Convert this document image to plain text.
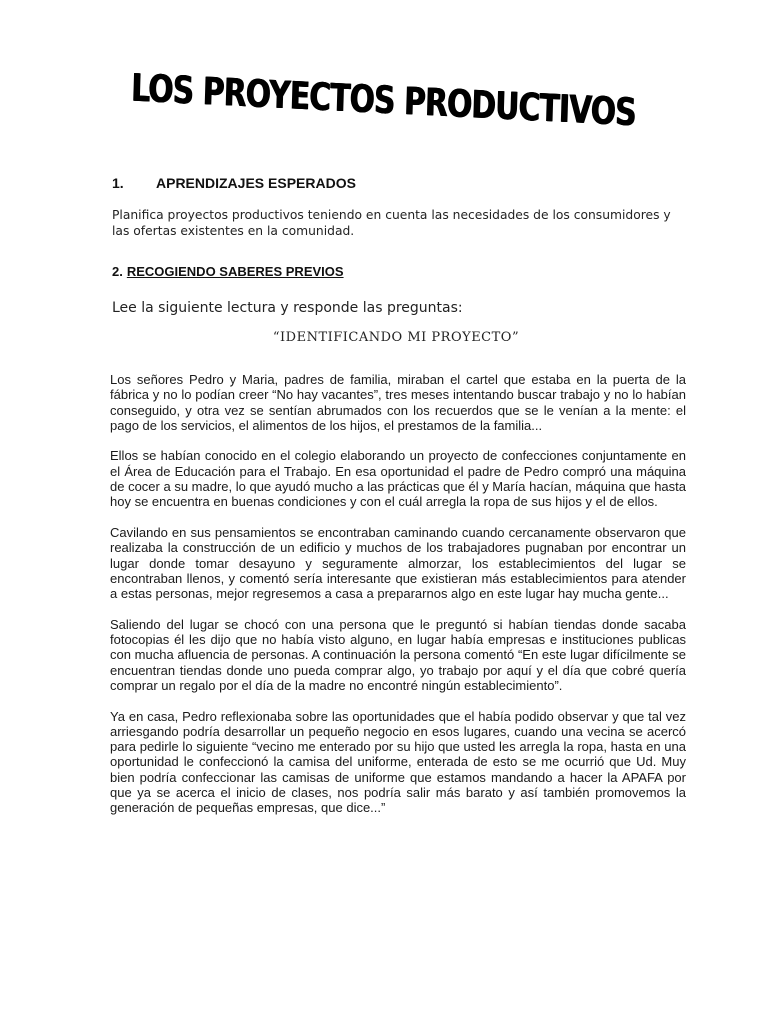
LOS PROYECTOS PRODUCTIVOS
1. APRENDIZAJES ESPERADOS
Planifica proyectos productivos teniendo en cuenta las necesidades de los consumidores y las ofertas existentes en la comunidad.
2. RECOGIENDO SABERES PREVIOS
Lee la siguiente lectura y responde las preguntas:
“IDENTIFICANDO MI PROYECTO”

Los señores Pedro y Maria, padres de familia, miraban el cartel que estaba en la puerta de la fábrica y no lo podían creer “No hay vacantes”, tres meses intentando buscar trabajo y no lo habían conseguido, y otra vez se sentían abrumados con los recuerdos que se le venían a la mente: el pago de los servicios, el alimentos de los hijos, el prestamos de la familia...

Ellos se habían conocido en el colegio elaborando un proyecto de confecciones conjuntamente en el Área de Educación para el Trabajo. En esa oportunidad el padre de Pedro compró una máquina de cocer a su madre, lo que ayudó mucho a las prácticas que él y María hacían, máquina que hasta hoy se encuentra en buenas condiciones y con el cuál arregla la ropa de sus hijos y el de ellos.

Cavilando en sus pensamientos se encontraban caminando cuando cercanamente observaron que realizaba la construcción de un edificio y muchos de los trabajadores pugnaban por encontrar un lugar donde tomar desayuno y seguramente almorzar, los establecimientos del lugar se encontraban llenos, y comentó sería interesante que existieran más establecimientos para atender a estas personas, mejor regresemos a casa a prepararnos algo en este lugar hay mucha gente...

Saliendo del lugar se chocó con una persona que le preguntó si habían tiendas donde sacaba fotocopias él les dijo que no había visto alguno, en lugar había empresas e instituciones publicas con mucha afluencia de personas. A continuación la persona comentó “En este lugar difícilmente se encuentran tiendas donde uno pueda comprar algo, yo trabajo por aquí y el día que cobré quería comprar un regalo por el día de la madre no encontré ningún establecimiento”.

Ya en casa, Pedro reflexionaba sobre las oportunidades que el había podido observar y que tal vez arriesgando podría desarrollar un pequeño negocio en esos lugares, cuando una vecina se acercó para pedirle lo siguiente “vecino me enterado por su hijo que usted les arregla la ropa, hasta en una oportunidad le confeccionó la camisa del uniforme, enterada de esto se me ocurrió que Ud. Muy bien podría confeccionar las camisas de uniforme que estamos mandando a hacer la APAFA por que ya se acerca el inicio de clases, nos podría salir más barato y así también promovemos la generación de pequeñas empresas, que dice...”
